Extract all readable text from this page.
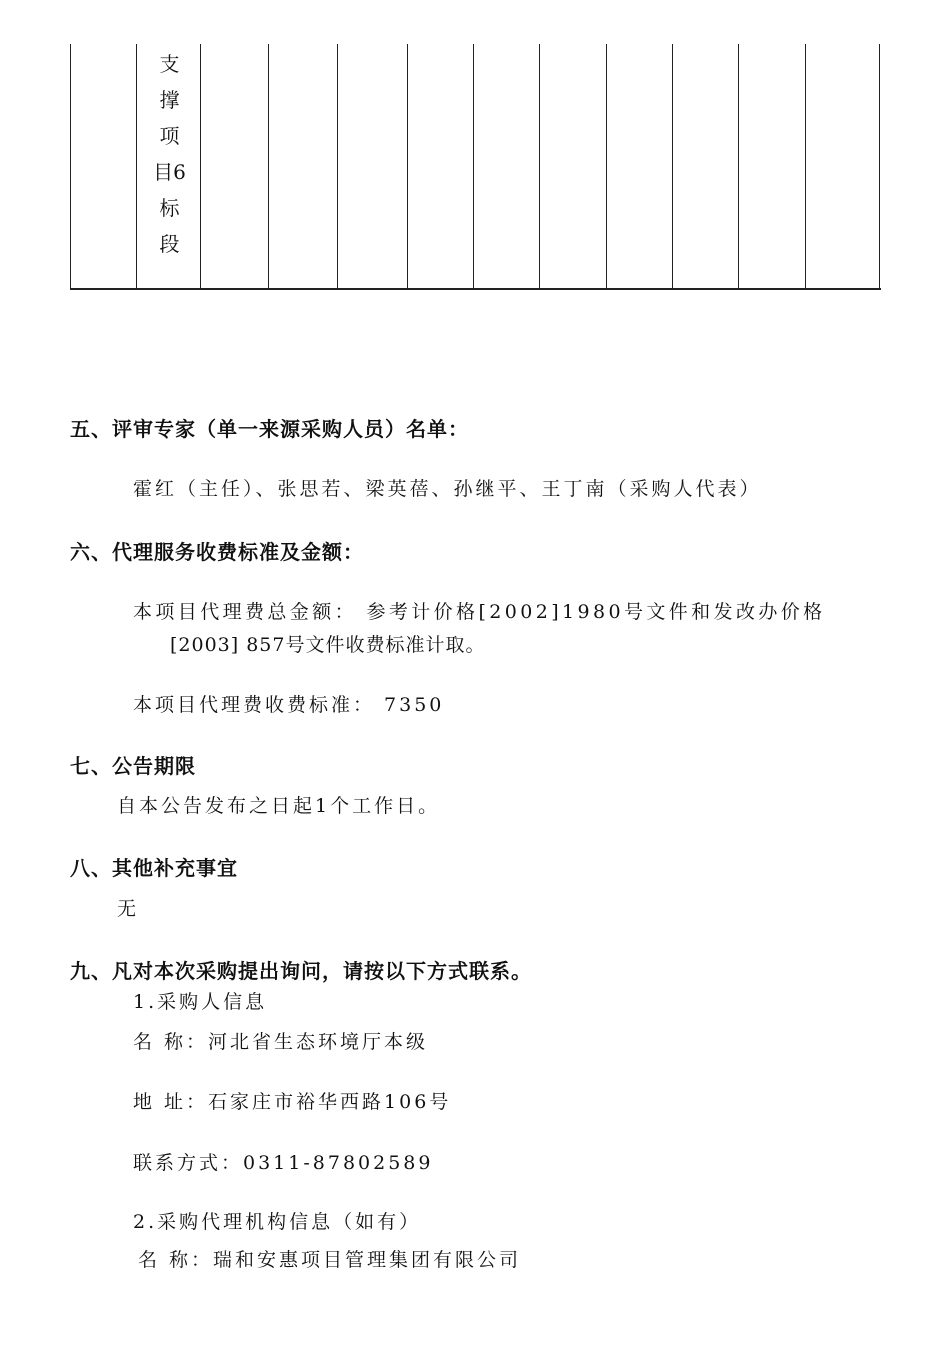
支
撑
项
目6
标
段
五、评审专家（单一来源采购人员）名单：
霍红（主任）、张思若、梁英蓓、孙继平、王丁南（采购人代表）
六、代理服务收费标准及金额：
本项目代理费总金额： 参考计价格[2002]1980号文件和发改办价格
[2003] 857号文件收费标准计取。
本项目代理费收费标准： 7350
七、公告期限
自本公告发布之日起1个工作日。
八、其他补充事宜
无
九、凡对本次采购提出询问，请按以下方式联系。
1.采购人信息
名 称：河北省生态环境厅本级
地 址：石家庄市裕华西路106号
联系方式：0311-87802589
2.采购代理机构信息（如有）
名 称：瑞和安惠项目管理集团有限公司
